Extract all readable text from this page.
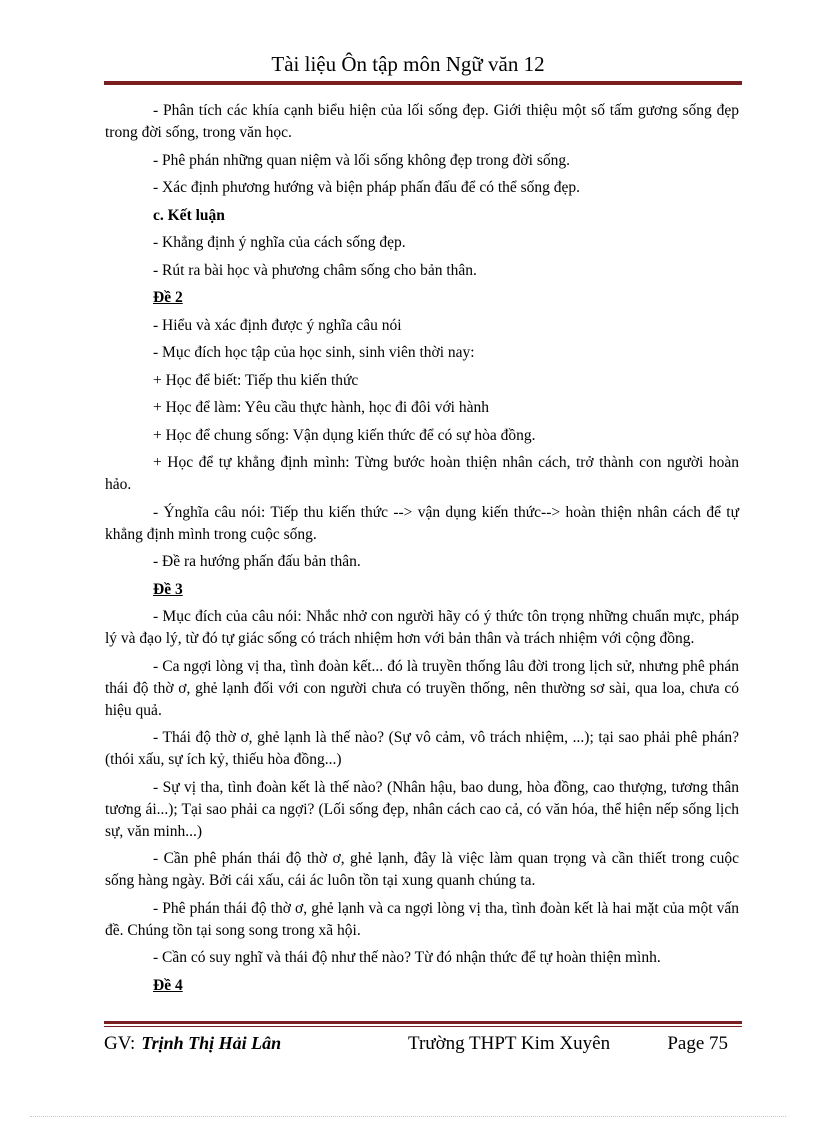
Tài liệu Ôn tập môn Ngữ văn 12

- Phân tích các khía cạnh biểu hiện của lối sống đẹp. Giới thiệu một số tấm gương sống đẹp trong đời sống, trong văn học.

- Phê phán những quan niệm và lối sống không đẹp trong đời sống.

- Xác định phương hướng và biện pháp phấn đấu để có thể sống đẹp.

c. Kết luận

- Khẳng định ý nghĩa của cách sống đẹp.

- Rút ra bài học và phương châm sống cho bản thân.

Đề 2

- Hiểu và xác định được ý nghĩa câu nói

- Mục đích học tập của học sinh, sinh viên thời nay:

+ Học để biết: Tiếp thu kiến thức

+ Học để làm: Yêu cầu thực hành, học đi đôi với hành

+ Học để chung sống: Vận dụng kiến thức để có sự hòa đồng.

+ Học để tự khẳng định mình: Từng bước hoàn thiện nhân cách, trở thành con người hoàn hảo.

- Ýnghĩa câu nói: Tiếp thu kiến thức --> vận dụng kiến thức--> hoàn thiện nhân cách để tự khẳng định mình trong cuộc sống.

- Đề ra hướng phấn đấu bản thân.

Đề 3

- Mục đích của câu nói: Nhắc nhở con người hãy có ý thức tôn trọng những chuẩn mực, pháp lý và đạo lý, từ đó tự giác sống có trách nhiệm hơn với bản thân và trách nhiệm với cộng đồng.

- Ca ngợi lòng vị tha, tình đoàn kết... đó là truyền thống lâu đời trong lịch sử, nhưng phê phán thái độ thờ ơ, ghẻ lạnh đối với con người chưa có truyền thống, nên thường sơ sài, qua loa, chưa có hiệu quả.

- Thái độ thờ ơ, ghẻ lạnh là thế nào? (Sự vô cảm, vô trách nhiệm, ...); tại sao phải phê phán? (thói xấu, sự ích kỷ, thiếu hòa đồng...)

- Sự vị tha, tình đoàn kết là thế nào? (Nhân hậu, bao dung, hòa đồng, cao thượng, tương thân tương ái...); Tại sao phải ca ngợi? (Lối sống đẹp, nhân cách cao cả, có văn hóa, thể hiện nếp sống lịch sự, văn minh...)

- Cần phê phán thái độ thờ ơ, ghẻ lạnh, đây là việc làm quan trọng và cần thiết trong cuộc sống hàng ngày. Bởi cái xấu, cái ác luôn tồn tại xung quanh chúng ta.

- Phê phán thái độ thờ ơ, ghẻ lạnh và ca ngợi lòng vị tha, tình đoàn kết là hai mặt của một vấn đề. Chúng tồn tại song song trong xã hội.

- Cần có suy nghĩ và thái độ như thế nào? Từ đó nhận thức để tự hoàn thiện mình.

Đề 4

GV: Trịnh Thị Hải Lân	Trường THPT Kim Xuyên	Page 75
